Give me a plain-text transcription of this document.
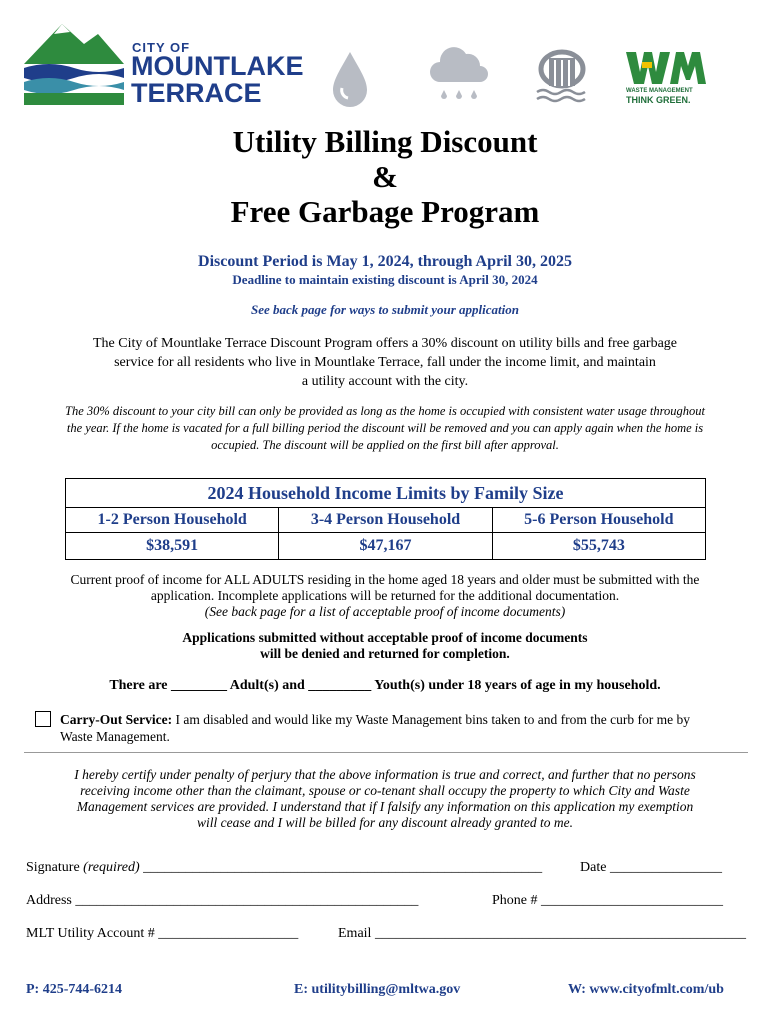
CITY OF
MOUNTLAKE
TERRACE	WASTE MANAGEMENT
THINK GREEN.
Utility Billing Discount
&
Free Garbage Program
Discount Period is May 1, 2024, through April 30, 2025
Deadline to maintain existing discount is April 30, 2024
See back page for ways to submit your application
The City of Mountlake Terrace Discount Program offers a 30% discount on utility bills and free garbage
service for all residents who live in Mountlake Terrace, fall under the income limit, and maintain
a utility account with the city.
The 30% discount to your city bill can only be provided as long as the home is occupied with consistent water usage throughout
the year. If the home is vacated for a full billing period the discount will be removed and you can apply again when the home is
occupied. The discount will be applied on the first bill after approval.
2024 Household Income Limits by Family Size		
1-2 Person Household	3-4 Person Household	5-6 Person Household
$38,591	$47,167	$55,743
Current proof of income for ALL ADULTS residing in the home aged 18 years and older must be submitted with the
application. Incomplete applications will be returned for the additional documentation.
(See back page for a list of acceptable proof of income documents)
Applications submitted without acceptable proof of income documents
will be denied and returned for completion.
There are ________ Adult(s) and _________ Youth(s) under 18 years of age in my household.
Carry-Out Service: I am disabled and would like my Waste Management bins taken to and from the curb for me by
Waste Management.
I hereby certify under penalty of perjury that the above information is true and correct, and further that no persons
receiving income other than the claimant, spouse or co-tenant shall occupy the property to which City and Waste
Management services are provided. I understand that if I falsify any information on this application my exemption
will cease and I will be billed for any discount already granted to me.
Signature (required) _________________________________________________________	Date ________________
Address _________________________________________________	Phone # __________________________
MLT Utility Account # ____________________	Email _____________________________________________________
P: 425-744-6214	E: utilitybilling@mltwa.gov	W: www.cityofmlt.com/ub
